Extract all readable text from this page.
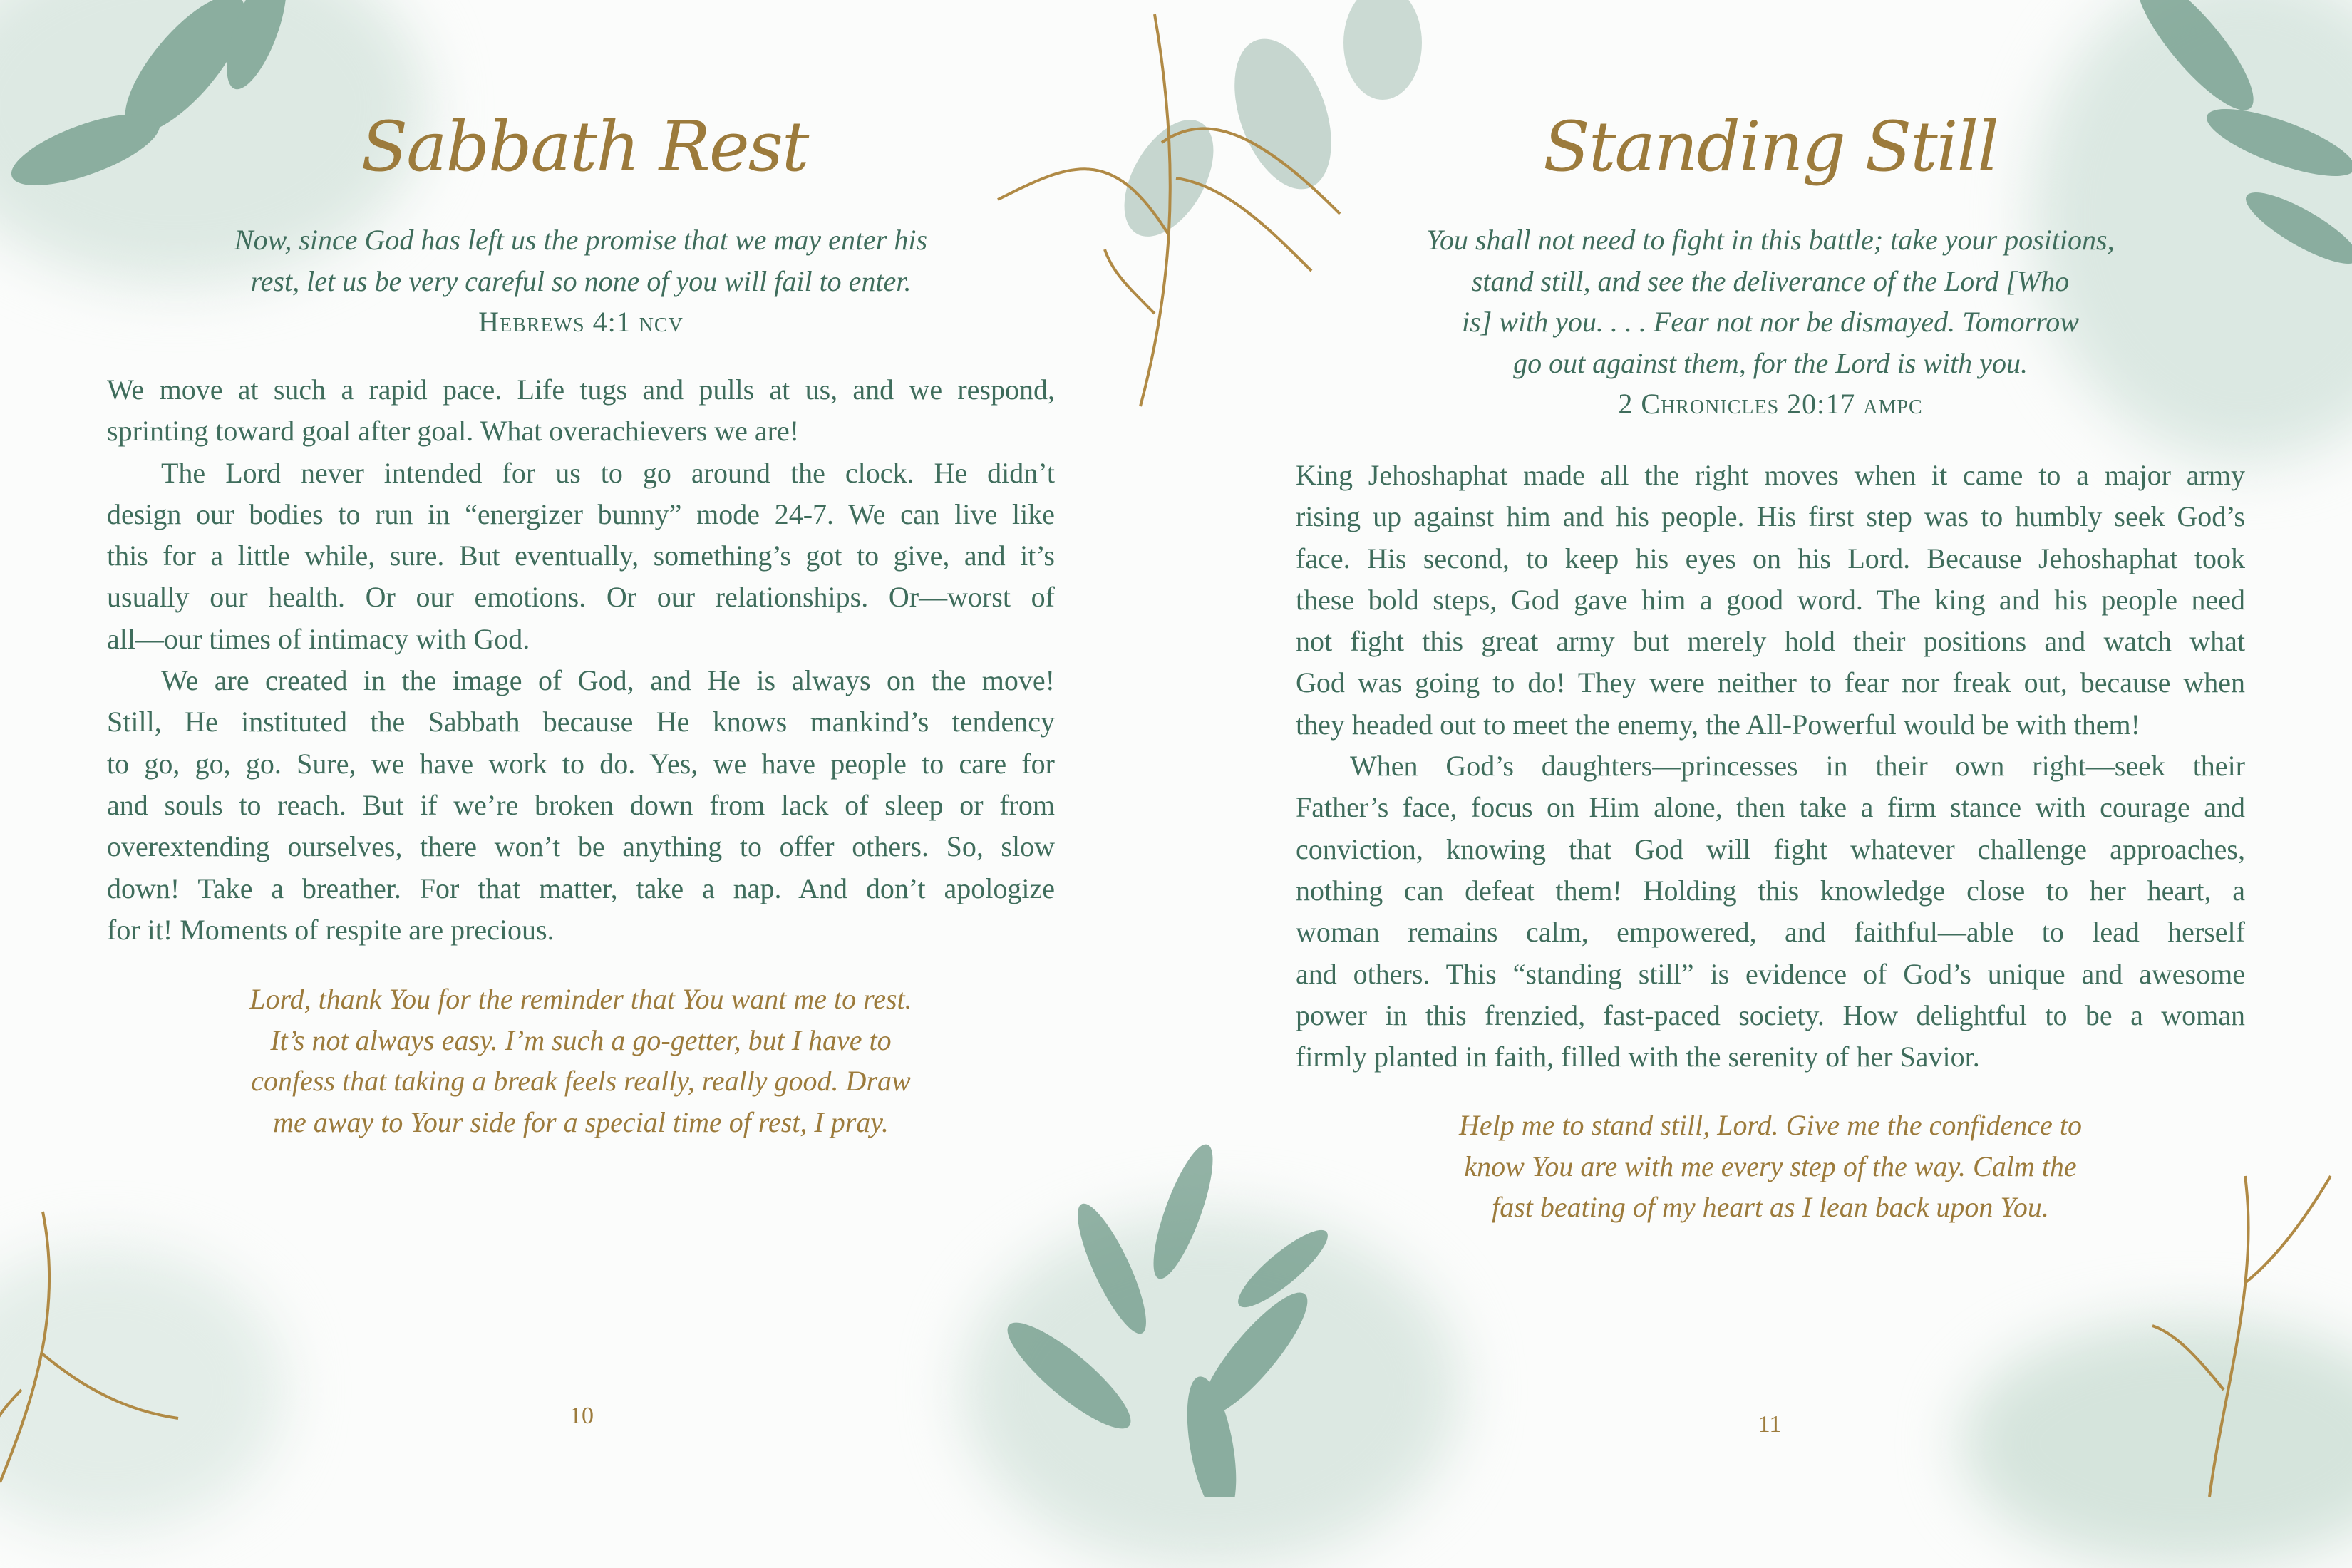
Sabbath Rest
Now, since God has left us the promise that we may enter his
rest, let us be very careful so none of you will fail to enter.
Hebrews 4:1 ncv
We move at such a rapid pace. Life tugs and pulls at us, and we respond,
sprinting toward goal after goal. What overachievers we are!
The Lord never intended for us to go around the clock. He didn’t
design our bodies to run in “energizer bunny” mode 24-7. We can live like
this for a little while, sure. But eventually, something’s got to give, and it’s
usually our health. Or our emotions. Or our relationships. Or—worst of
all—our times of intimacy with God.
We are created in the image of God, and He is always on the move!
Still, He instituted the Sabbath because He knows mankind’s tendency
to go, go, go. Sure, we have work to do. Yes, we have people to care for
and souls to reach. But if we’re broken down from lack of sleep or from
overextending ourselves, there won’t be anything to offer others. So, slow
down! Take a breather. For that matter, take a nap. And don’t apologize
for it! Moments of respite are precious.
Lord, thank You for the reminder that You want me to rest.
It’s not always easy. I’m such a go-getter, but I have to
confess that taking a break feels really, really good. Draw
me away to Your side for a special time of rest, I pray.
10
Standing Still
You shall not need to fight in this battle; take your positions,
stand still, and see the deliverance of the Lord [Who
is] with you. . . . Fear not nor be dismayed. Tomorrow
go out against them, for the Lord is with you.
2 Chronicles 20:17 ampc
King Jehoshaphat made all the right moves when it came to a major army
rising up against him and his people. His first step was to humbly seek God’s
face. His second, to keep his eyes on his Lord. Because Jehoshaphat took
these bold steps, God gave him a good word. The king and his people need
not fight this great army but merely hold their positions and watch what
God was going to do! They were neither to fear nor freak out, because when
they headed out to meet the enemy, the All-Powerful would be with them!
When God’s daughters—princesses in their own right—seek their
Father’s face, focus on Him alone, then take a firm stance with courage and
conviction, knowing that God will fight whatever challenge approaches,
nothing can defeat them! Holding this knowledge close to her heart, a
woman remains calm, empowered, and faithful—able to lead herself
and others. This “standing still” is evidence of God’s unique and awesome
power in this frenzied, fast-paced society. How delightful to be a woman
firmly planted in faith, filled with the serenity of her Savior.
Help me to stand still, Lord. Give me the confidence to
know You are with me every step of the way. Calm the
fast beating of my heart as I lean back upon You.
11
